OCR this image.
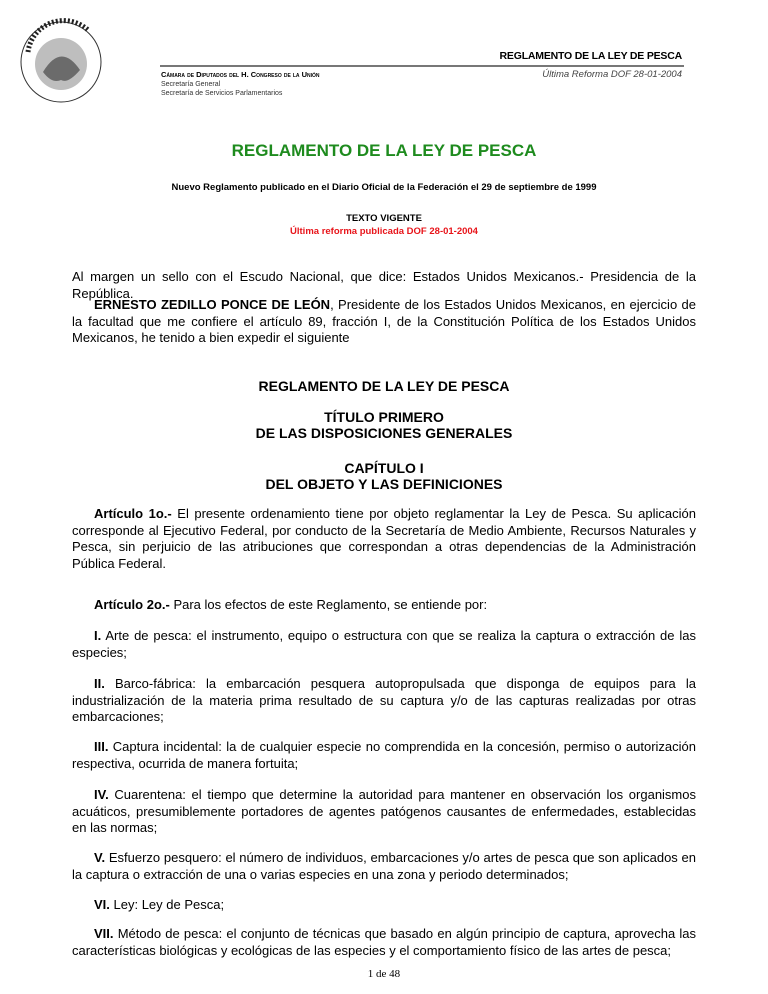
REGLAMENTO DE LA LEY DE PESCA
Cámara de Diputados del H. Congreso de la Unión
Secretaría General
Secretaría de Servicios Parlamentarios
Última Reforma DOF 28-01-2004
REGLAMENTO DE LA LEY DE PESCA
Nuevo Reglamento publicado en el Diario Oficial de la Federación el 29 de septiembre de 1999
TEXTO VIGENTE
Última reforma publicada DOF 28-01-2004
Al margen un sello con el Escudo Nacional, que dice: Estados Unidos Mexicanos.- Presidencia de la República.
ERNESTO ZEDILLO PONCE DE LEÓN, Presidente de los Estados Unidos Mexicanos, en ejercicio de la facultad que me confiere el artículo 89, fracción I, de la Constitución Política de los Estados Unidos Mexicanos, he tenido a bien expedir el siguiente
REGLAMENTO DE LA LEY DE PESCA
TÍTULO PRIMERO
DE LAS DISPOSICIONES GENERALES
CAPÍTULO I
DEL OBJETO Y LAS DEFINICIONES
Artículo 1o.- El presente ordenamiento tiene por objeto reglamentar la Ley de Pesca. Su aplicación corresponde al Ejecutivo Federal, por conducto de la Secretaría de Medio Ambiente, Recursos Naturales y Pesca, sin perjuicio de las atribuciones que correspondan a otras dependencias de la Administración Pública Federal.
Artículo 2o.- Para los efectos de este Reglamento, se entiende por:
I. Arte de pesca: el instrumento, equipo o estructura con que se realiza la captura o extracción de las especies;
II. Barco-fábrica: la embarcación pesquera autopropulsada que disponga de equipos para la industrialización de la materia prima resultado de su captura y/o de las capturas realizadas por otras embarcaciones;
III. Captura incidental: la de cualquier especie no comprendida en la concesión, permiso o autorización respectiva, ocurrida de manera fortuita;
IV. Cuarentena: el tiempo que determine la autoridad para mantener en observación los organismos acuáticos, presumiblemente portadores de agentes patógenos causantes de enfermedades, establecidas en las normas;
V. Esfuerzo pesquero: el número de individuos, embarcaciones y/o artes de pesca que son aplicados en la captura o extracción de una o varias especies en una zona y periodo determinados;
VI. Ley: Ley de Pesca;
VII. Método de pesca: el conjunto de técnicas que basado en algún principio de captura, aprovecha las características biológicas y ecológicas de las especies y el comportamiento físico de las artes de pesca;
1 de 48
